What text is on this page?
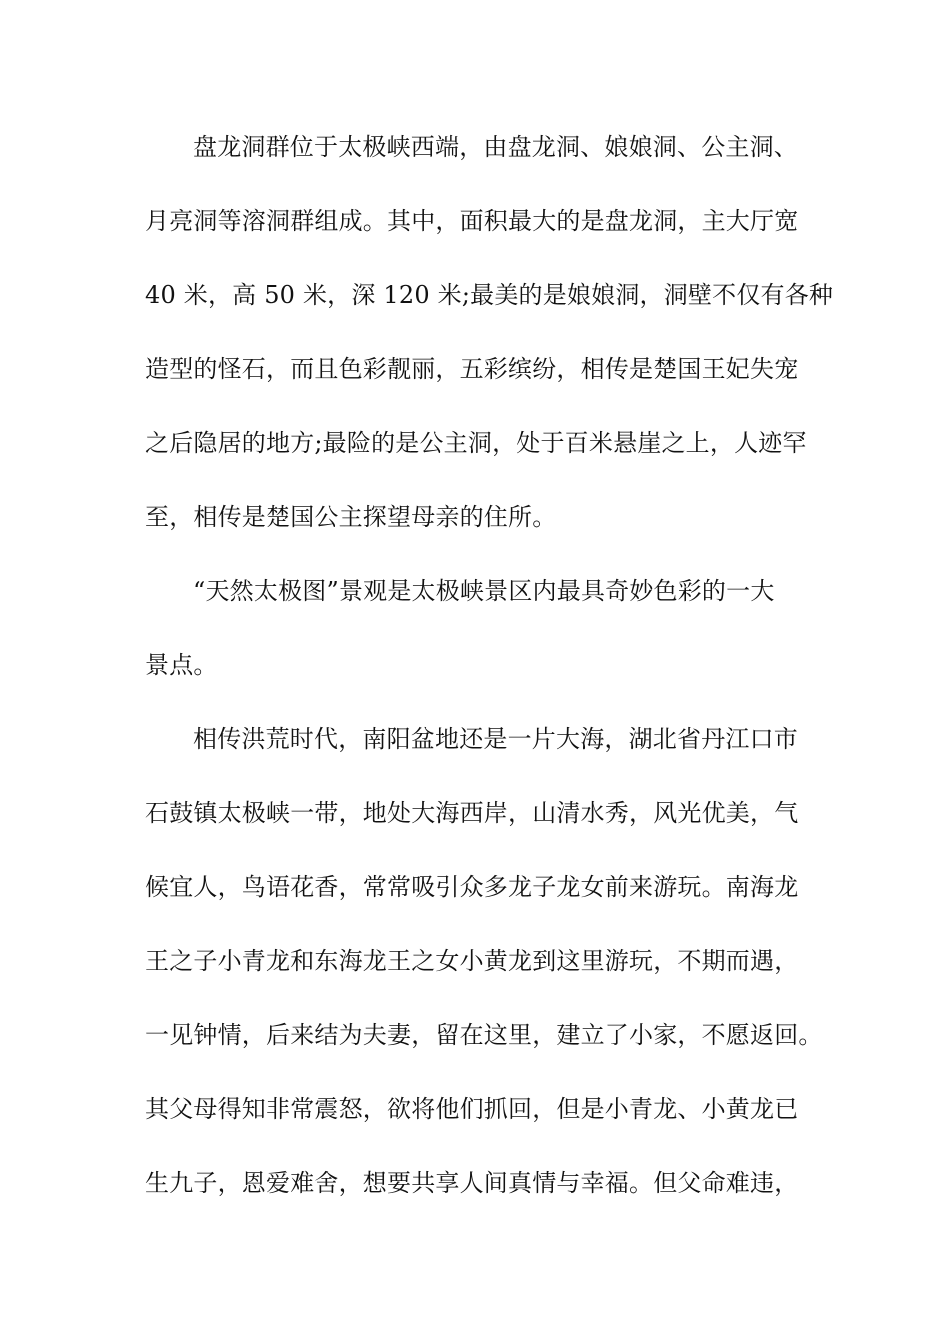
盘龙洞群位于太极峡西端，由盘龙洞、娘娘洞、公主洞、
月亮洞等溶洞群组成。其中，面积最大的是盘龙洞，主大厅宽
40 米，高 50 米，深 120 米;最美的是娘娘洞，洞壁不仅有各种
造型的怪石，而且色彩靓丽，五彩缤纷，相传是楚国王妃失宠
之后隐居的地方;最险的是公主洞，处于百米悬崖之上，人迹罕
至，相传是楚国公主探望母亲的住所。
“天然太极图”景观是太极峡景区内最具奇妙色彩的一大
景点。
相传洪荒时代，南阳盆地还是一片大海，湖北省丹江口市
石鼓镇太极峡一带，地处大海西岸，山清水秀，风光优美，气
候宜人，鸟语花香，常常吸引众多龙子龙女前来游玩。南海龙
王之子小青龙和东海龙王之女小黄龙到这里游玩，不期而遇，
一见钟情，后来结为夫妻，留在这里，建立了小家，不愿返回。
其父母得知非常震怒，欲将他们抓回，但是小青龙、小黄龙已
生九子，恩爱难舍，想要共享人间真情与幸福。但父命难违，
